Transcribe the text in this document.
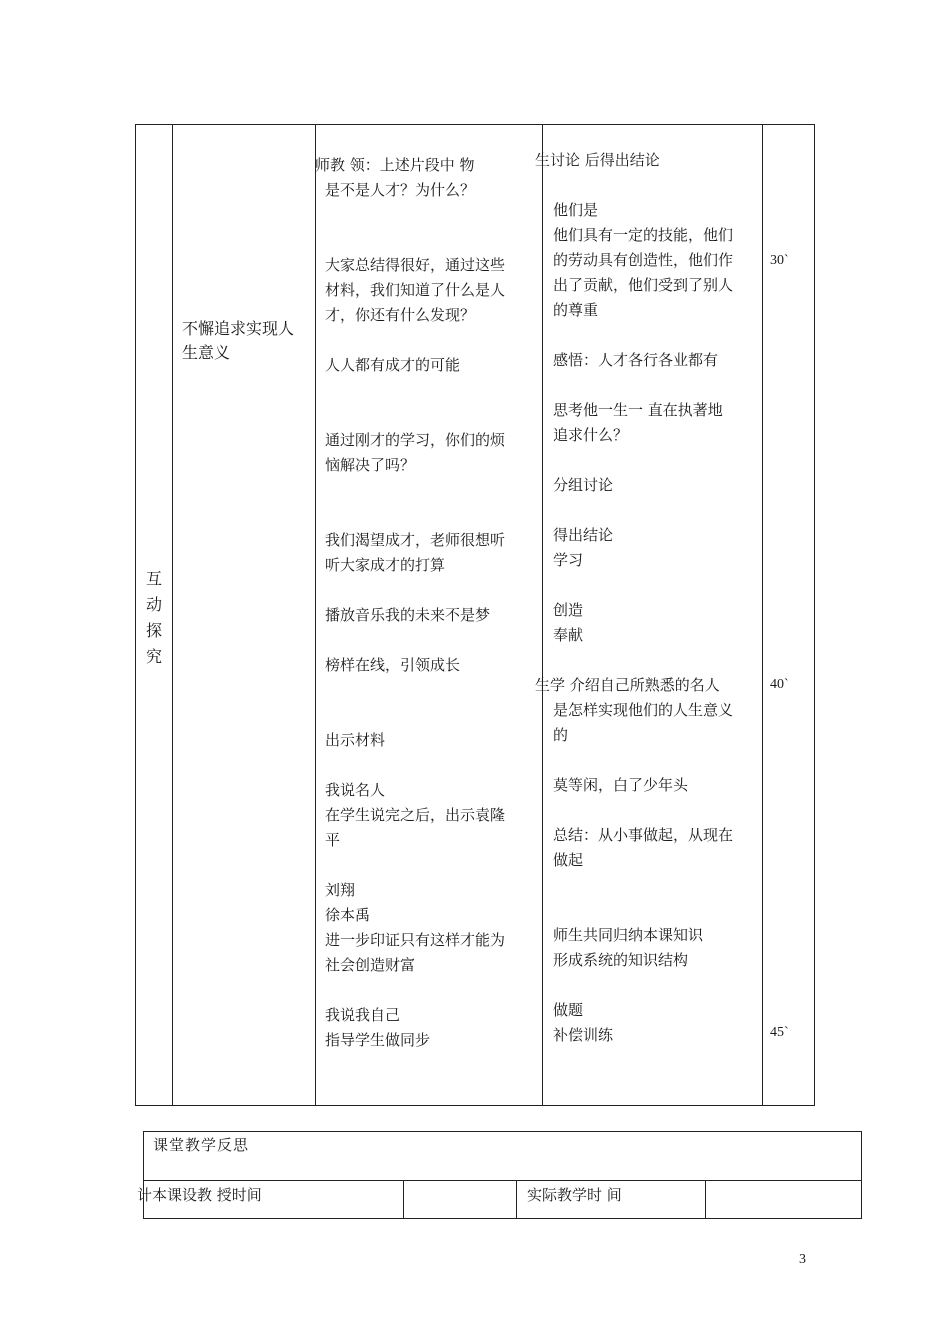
互
动
探
究
不懈追求实现人
生意义
师教 领：上述片段中 物
是不是人才？为什么？
大家总结得很好，通过这些
材料，我们知道了什么是人
才，你还有什么发现？
人人都有成才的可能
通过刚才的学习，你们的烦
恼解决了吗？
我们渴望成才，老师很想听
听大家成才的打算
播放音乐我的未来不是梦
榜样在线，引领成长
出示材料
我说名人
在学生说完之后，出示袁隆
平
刘翔
徐本禹
进一步印证只有这样才能为
社会创造财富
我说我自己
指导学生做同步
生讨论 后得出结论
他们是
他们具有一定的技能，他们
的劳动具有创造性，他们作
出了贡献，他们受到了别人
的尊重
感悟：人才各行各业都有
思考他一生一 直在执著地
追求什么？
分组讨论
得出结论
学习
创造
奉献
生学 介绍自己所熟悉的名人
是怎样实现他们的人生意义
的
莫等闲，白了少年头
总结：从小事做起，从现在
做起
师生共同归纳本课知识
形成系统的知识结构
做题
补偿训练
30`
40`
45`
课堂教学反思
计本课设教 授时间	实际教学时 间
3
